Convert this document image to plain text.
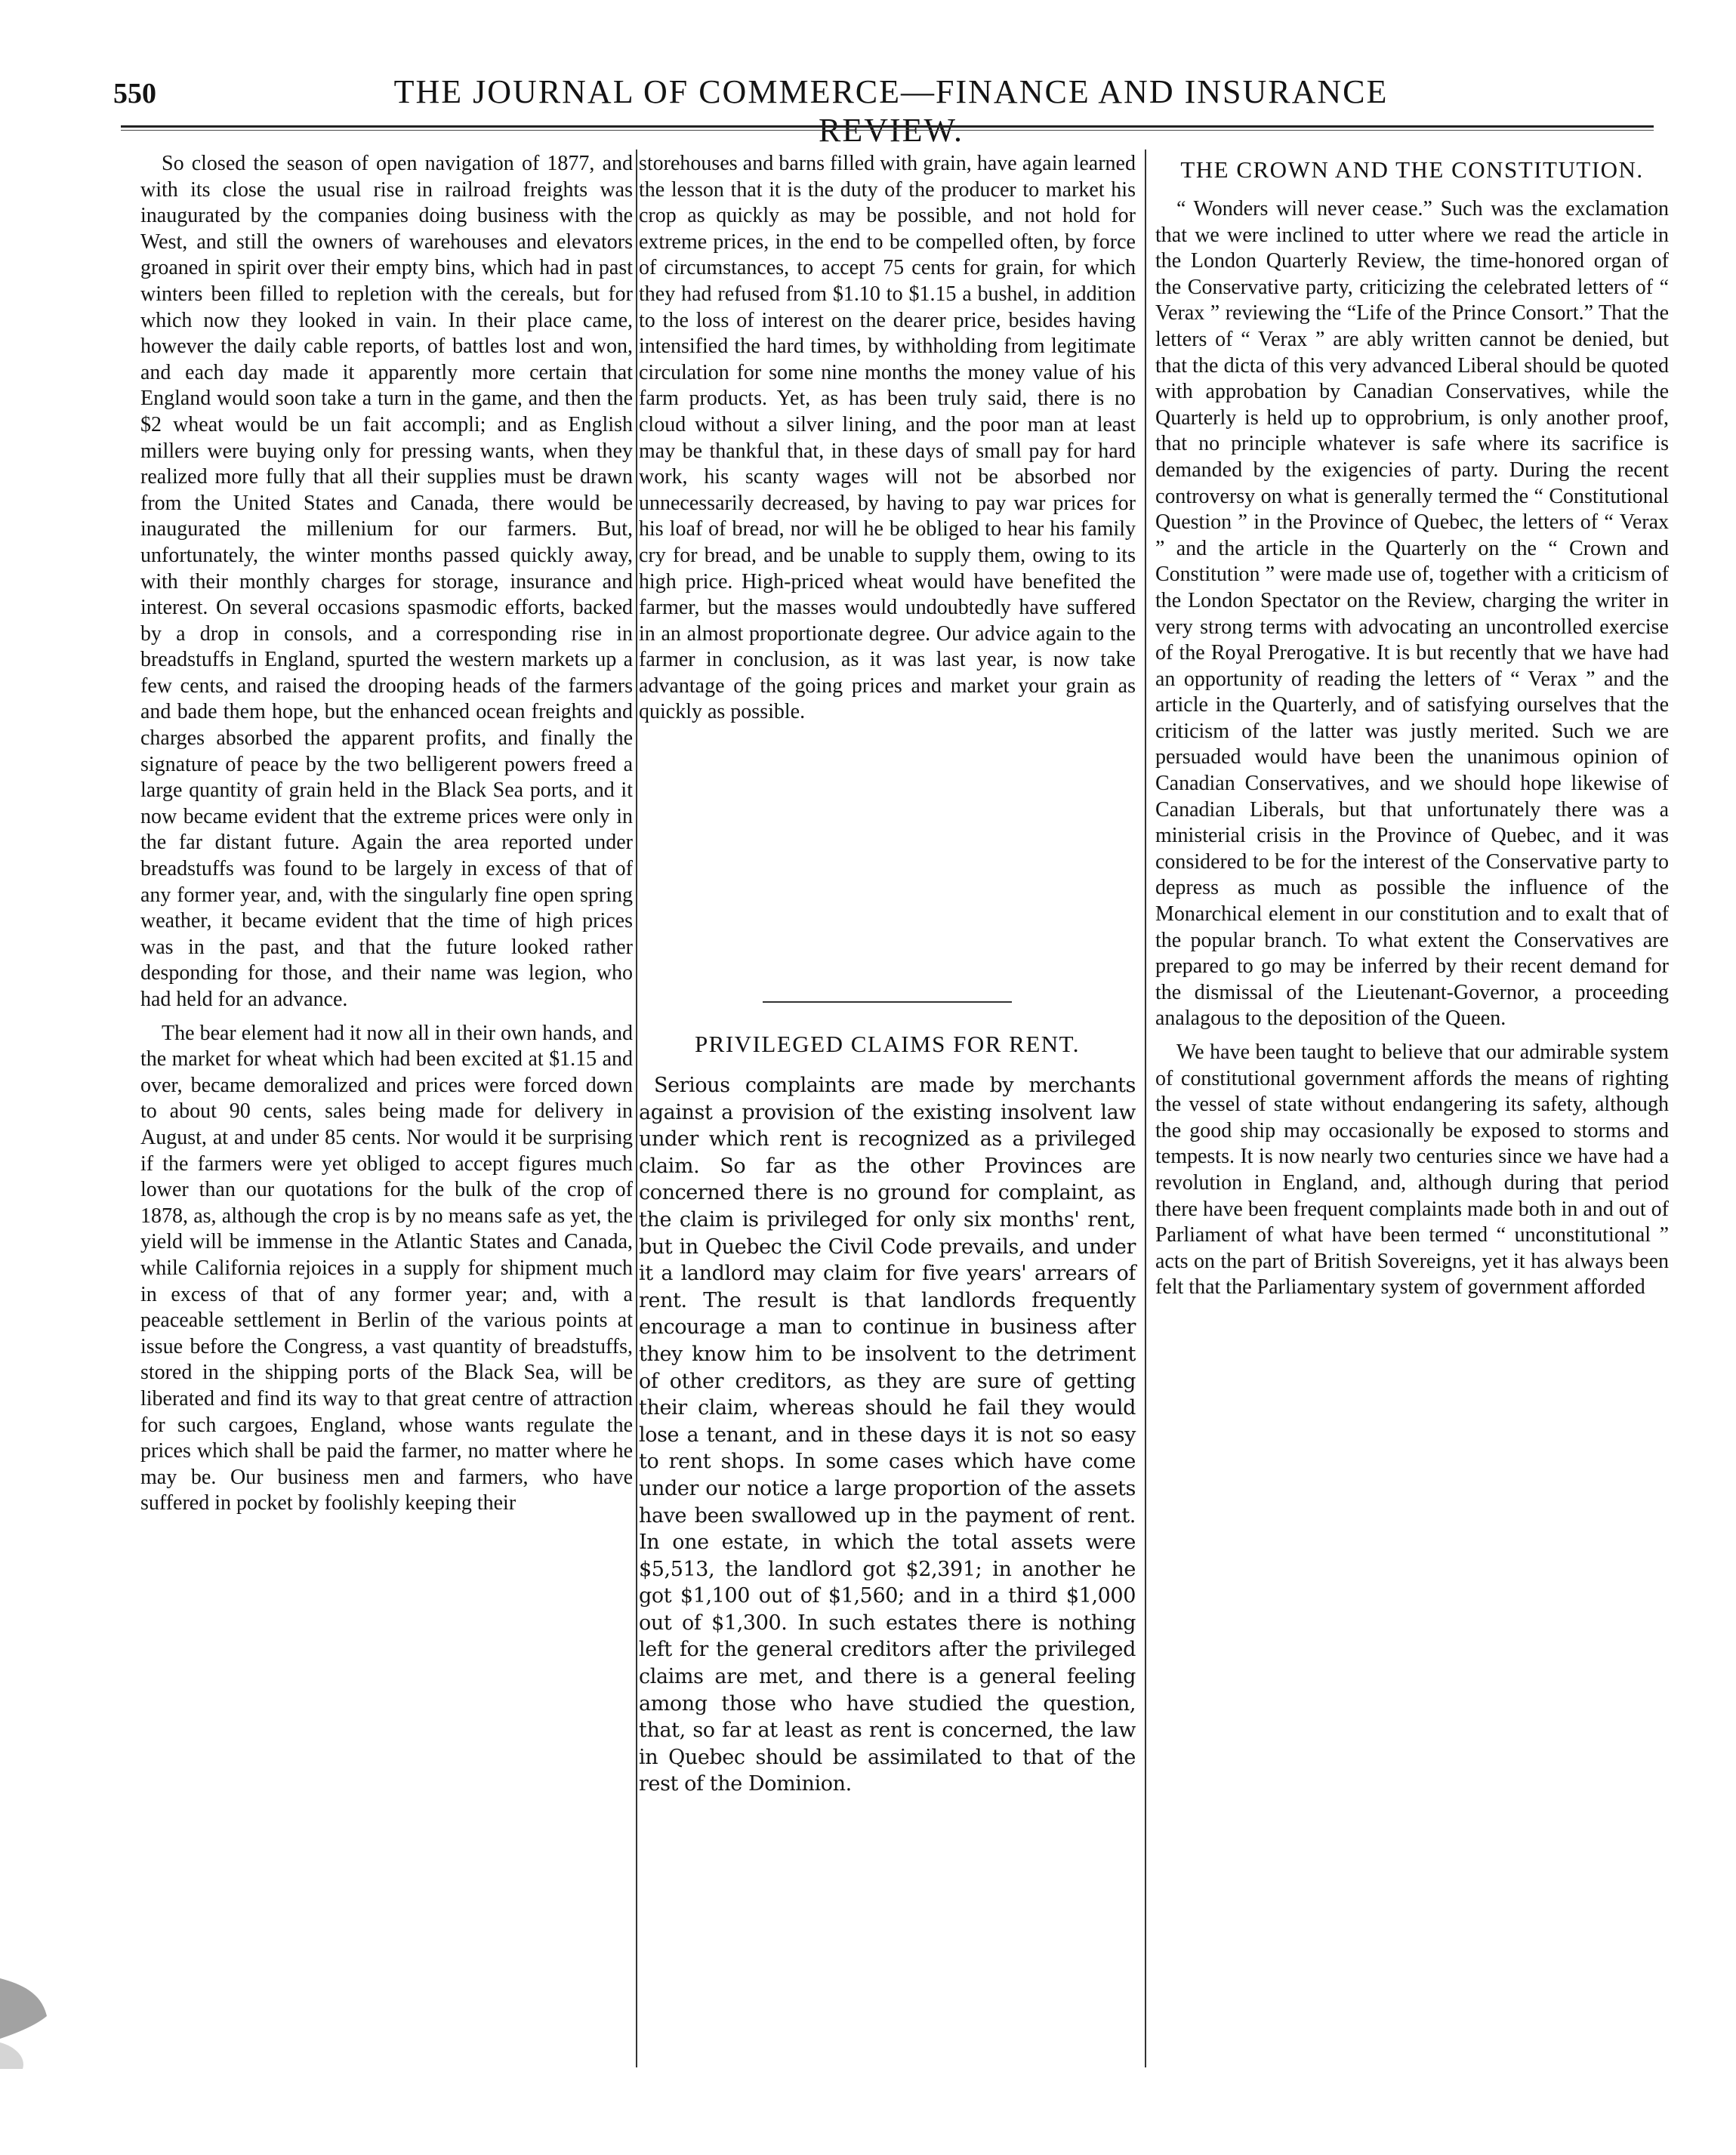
550	THE JOURNAL OF COMMERCE—FINANCE AND INSURANCE REVIEW.

So closed the season of open navigation of 1877, and with its close the usual rise in railroad freights was inaugurated by the companies doing business with the West, and still the owners of warehouses and elevators groaned in spirit over their empty bins, which had in past winters been filled to repletion with the cereals, but for which now they looked in vain. In their place came, however the daily cable reports, of battles lost and won, and each day made it apparently more certain that England would soon take a turn in the game, and then the $2 wheat would be un fait accompli; and as English millers were buying only for pressing wants, when they realized more fully that all their supplies must be drawn from the United States and Canada, there would be inaugurated the millenium for our farmers. But, unfortunately, the winter months passed quickly away, with their monthly charges for storage, insurance and interest. On several occasions spasmodic efforts, backed by a drop in consols, and a corresponding rise in breadstuffs in England, spurted the western markets up a few cents, and raised the drooping heads of the farmers and bade them hope, but the enhanced ocean freights and charges absorbed the apparent profits, and finally the signature of peace by the two belligerent powers freed a large quantity of grain held in the Black Sea ports, and it now became evident that the extreme prices were only in the far distant future. Again the area reported under breadstuffs was found to be largely in excess of that of any former year, and, with the singularly fine open spring weather, it became evident that the time of high prices was in the past, and that the future looked rather desponding for those, and their name was legion, who had held for an advance.

The bear element had it now all in their own hands, and the market for wheat which had been excited at $1.15 and over, became demoralized and prices were forced down to about 90 cents, sales being made for delivery in August, at and under 85 cents. Nor would it be surprising if the farmers were yet obliged to accept figures much lower than our quotations for the bulk of the crop of 1878, as, although the crop is by no means safe as yet, the yield will be immense in the Atlantic States and Canada, while California rejoices in a supply for shipment much in excess of that of any former year; and, with a peaceable settlement in Berlin of the various points at issue before the Congress, a vast quantity of breadstuffs, stored in the shipping ports of the Black Sea, will be liberated and find its way to that great centre of attraction for such cargoes, England, whose wants regulate the prices which shall be paid the farmer, no matter where he may be. Our business men and farmers, who have suffered in pocket by foolishly keeping their

storehouses and barns filled with grain, have again learned the lesson that it is the duty of the producer to market his crop as quickly as may be possible, and not hold for extreme prices, in the end to be compelled often, by force of circumstances, to accept 75 cents for grain, for which they had refused from $1.10 to $1.15 a bushel, in addition to the loss of interest on the dearer price, besides having intensified the hard times, by withholding from legitimate circulation for some nine months the money value of his farm products. Yet, as has been truly said, there is no cloud without a silver lining, and the poor man at least may be thankful that, in these days of small pay for hard work, his scanty wages will not be absorbed nor unnecessarily decreased, by having to pay war prices for his loaf of bread, nor will he be obliged to hear his family cry for bread, and be unable to supply them, owing to its high price. High-priced wheat would have benefited the farmer, but the masses would undoubtedly have suffered in an almost proportionate degree. Our advice again to the farmer in conclusion, as it was last year, is now take advantage of the going prices and market your grain as quickly as possible.

PRIVILEGED CLAIMS FOR RENT.

Serious complaints are made by merchants against a provision of the existing insolvent law under which rent is recognized as a privileged claim. So far as the other Provinces are concerned there is no ground for complaint, as the claim is privileged for only six months' rent, but in Quebec the Civil Code prevails, and under it a landlord may claim for five years' arrears of rent. The result is that landlords frequently encourage a man to continue in business after they know him to be insolvent to the detriment of other creditors, as they are sure of getting their claim, whereas should he fail they would lose a tenant, and in these days it is not so easy to rent shops. In some cases which have come under our notice a large proportion of the assets have been swallowed up in the payment of rent. In one estate, in which the total assets were $5,513, the landlord got $2,391; in another he got $1,100 out of $1,560; and in a third $1,000 out of $1,300. In such estates there is nothing left for the general creditors after the privileged claims are met, and there is a general feeling among those who have studied the question, that, so far at least as rent is concerned, the law in Quebec should be assimilated to that of the rest of the Dominion.

THE CROWN AND THE CONSTITUTION.

“ Wonders will never cease.” Such was the exclamation that we were inclined to utter where we read the article in the London Quarterly Review, the time-honored organ of the Conservative party, criticizing the celebrated letters of “ Verax ” reviewing the “Life of the Prince Consort.” That the letters of “ Verax ” are ably written cannot be denied, but that the dicta of this very advanced Liberal should be quoted with approbation by Canadian Conservatives, while the Quarterly is held up to opprobrium, is only another proof, that no principle whatever is safe where its sacrifice is demanded by the exigencies of party. During the recent controversy on what is generally termed the “ Constitutional Question ” in the Province of Quebec, the letters of “ Verax ” and the article in the Quarterly on the “ Crown and Constitution ” were made use of, together with a criticism of the London Spectator on the Review, charging the writer in very strong terms with advocating an uncontrolled exercise of the Royal Prerogative. It is but recently that we have had an opportunity of reading the letters of “ Verax ” and the article in the Quarterly, and of satisfying ourselves that the criticism of the latter was justly merited. Such we are persuaded would have been the unanimous opinion of Canadian Conservatives, and we should hope likewise of Canadian Liberals, but that unfortunately there was a ministerial crisis in the Province of Quebec, and it was considered to be for the interest of the Conservative party to depress as much as possible the influence of the Monarchical element in our constitution and to exalt that of the popular branch. To what extent the Conservatives are prepared to go may be inferred by their recent demand for the dismissal of the Lieutenant-Governor, a proceeding analagous to the deposition of the Queen.

We have been taught to believe that our admirable system of constitutional government affords the means of righting the vessel of state without endangering its safety, although the good ship may occasionally be exposed to storms and tempests. It is now nearly two centuries since we have had a revolution in England, and, although during that period there have been frequent complaints made both in and out of Parliament of what have been termed “ unconstitutional ” acts on the part of British Sovereigns, yet it has always been felt that the Parliamentary system of government afforded
